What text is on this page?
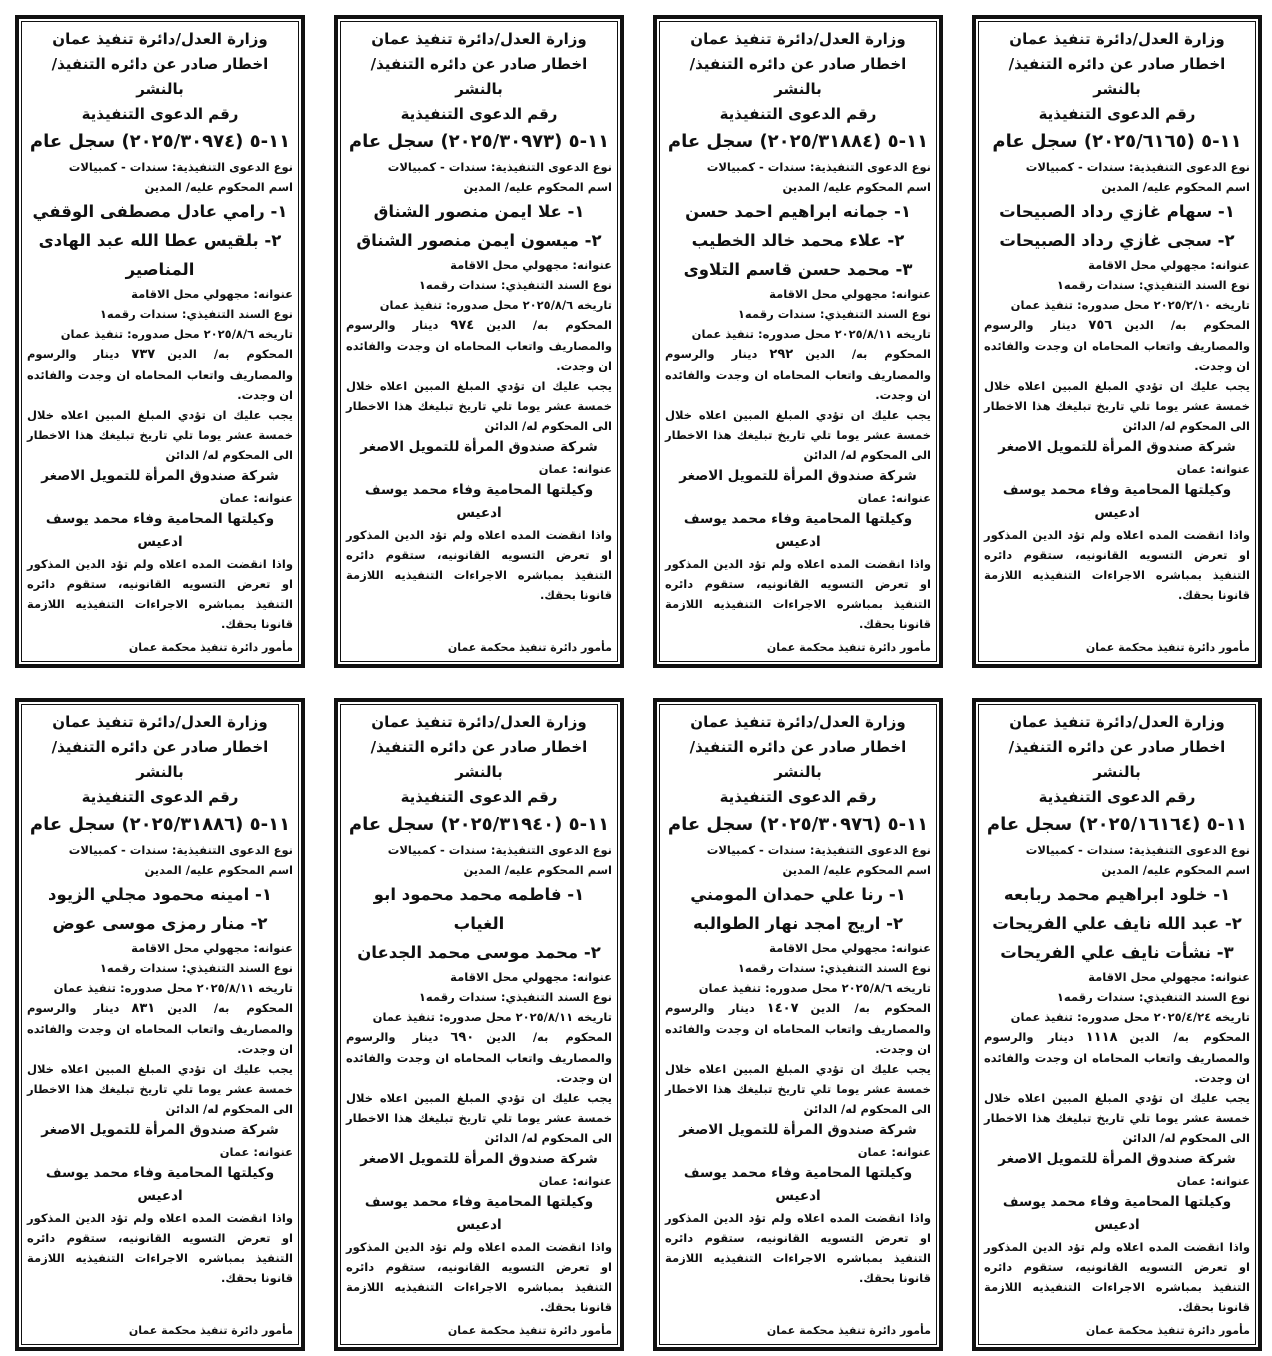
وزارة العدل/دائرة تنفيذ عمان
اخطار صادر عن دائره التنفيذ/ بالنشر
رقم الدعوى التنفيذية
١١-٥ (٢٠٢٥/٦١٦٥) سجل عام
نوع الدعوى التنفيذية: سندات - كمبيالات
اسم المحكوم عليه/ المدين
١- سهام غازي رداد الصبيحات
٢- سجى غازي رداد الصبيحات
عنوانه: مجهولي محل الاقامة
نوع السند التنفيذي: سندات رقمه١
تاريخه ٢٠٢٥/٢/١٠ محل صدوره: تنفيذ عمان
المحكوم به/ الدين٧٥٦دينار والرسوم والمصاريف واتعاب المحاماه ان وجدت والفائده ان وجدت.
يجب عليك ان تؤدي المبلغ المبين اعلاه خلال خمسة عشر يوما تلي تاريخ تبليغك هذا الاخطار الى المحكوم له/ الدائن
شركة صندوق المرأة للتمويل الاصغر
عنوانه: عمان
وكيلتها المحامية وفاء محمد يوسف ادعيس
واذا انقضت المده اعلاه ولم تؤد الدين المذكور او تعرض التسويه القانونيه، ستقوم دائره التنفيذ بمباشره الاجراءات التنفيذيه اللازمة قانونا بحقك.
مأمور دائرة تنفيذ محكمة عمان
وزارة العدل/دائرة تنفيذ عمان
اخطار صادر عن دائره التنفيذ/ بالنشر
رقم الدعوى التنفيذية
١١-٥ (٢٠٢٥/٣١٨٨٤) سجل عام
نوع الدعوى التنفيذية: سندات - كمبيالات
اسم المحكوم عليه/ المدين
١- جمانه ابراهيم احمد حسن
٢- علاء محمد خالد الخطيب
٣- محمد حسن قاسم التلاوى
عنوانه: مجهولي محل الاقامة
نوع السند التنفيذي: سندات رقمه١
تاريخه ٢٠٢٥/٨/١١ محل صدوره: تنفيذ عمان
المحكوم به/ الدين٢٩٢دينار والرسوم والمصاريف واتعاب المحاماه ان وجدت والفائده ان وجدت.
يجب عليك ان تؤدي المبلغ المبين اعلاه خلال خمسة عشر يوما تلي تاريخ تبليغك هذا الاخطار الى المحكوم له/ الدائن
شركة صندوق المرأة للتمويل الاصغر
عنوانه: عمان
وكيلتها المحامية وفاء محمد يوسف ادعيس
واذا انقضت المده اعلاه ولم تؤد الدين المذكور او تعرض التسويه القانونيه، ستقوم دائره التنفيذ بمباشره الاجراءات التنفيذيه اللازمة قانونا بحقك.
مأمور دائرة تنفيذ محكمة عمان
وزارة العدل/دائرة تنفيذ عمان
اخطار صادر عن دائره التنفيذ/ بالنشر
رقم الدعوى التنفيذية
١١-٥ (٢٠٢٥/٣٠٩٧٣) سجل عام
نوع الدعوى التنفيذية: سندات - كمبيالات
اسم المحكوم عليه/ المدين
١- علا ايمن منصور الشناق
٢- ميسون ايمن منصور الشناق
عنوانه: مجهولي محل الاقامة
نوع السند التنفيذي: سندات رقمه١
تاريخه ٢٠٢٥/٨/٦ محل صدوره: تنفيذ عمان
المحكوم به/ الدين٩٧٤دينار والرسوم والمصاريف واتعاب المحاماه ان وجدت والفائده ان وجدت.
يجب عليك ان تؤدي المبلغ المبين اعلاه خلال خمسة عشر يوما تلي تاريخ تبليغك هذا الاخطار الى المحكوم له/ الدائن
شركة صندوق المرأة للتمويل الاصغر
عنوانه: عمان
وكيلتها المحامية وفاء محمد يوسف ادعيس
واذا انقضت المده اعلاه ولم تؤد الدين المذكور او تعرض التسويه القانونيه، ستقوم دائره التنفيذ بمباشره الاجراءات التنفيذيه اللازمة قانونا بحقك.
مأمور دائرة تنفيذ محكمة عمان
وزارة العدل/دائرة تنفيذ عمان
اخطار صادر عن دائره التنفيذ/ بالنشر
رقم الدعوى التنفيذية
١١-٥ (٢٠٢٥/٣٠٩٧٤) سجل عام
نوع الدعوى التنفيذية: سندات - كمبيالات
اسم المحكوم عليه/ المدين
١- رامي عادل مصطفى الوقفي
٢- بلقيس عطا الله عبد الهادى المناصير
عنوانه: مجهولي محل الاقامة
نوع السند التنفيذي: سندات رقمه١
تاريخه ٢٠٢٥/٨/٦ محل صدوره: تنفيذ عمان
المحكوم به/ الدين٧٣٧دينار والرسوم والمصاريف واتعاب المحاماه ان وجدت والفائده ان وجدت.
يجب عليك ان تؤدي المبلغ المبين اعلاه خلال خمسة عشر يوما تلي تاريخ تبليغك هذا الاخطار الى المحكوم له/ الدائن
شركة صندوق المرأة للتمويل الاصغر
عنوانه: عمان
وكيلتها المحامية وفاء محمد يوسف ادعيس
واذا انقضت المده اعلاه ولم تؤد الدين المذكور او تعرض التسويه القانونيه، ستقوم دائره التنفيذ بمباشره الاجراءات التنفيذيه اللازمة قانونا بحقك.
مأمور دائرة تنفيذ محكمة عمان
وزارة العدل/دائرة تنفيذ عمان
اخطار صادر عن دائره التنفيذ/ بالنشر
رقم الدعوى التنفيذية
١١-٥ (٢٠٢٥/١٦١٦٤) سجل عام
نوع الدعوى التنفيذية: سندات - كمبيالات
اسم المحكوم عليه/ المدين
١- خلود ابراهيم محمد ربابعه
٢- عبد الله نايف علي الفريحات
٣- نشأت نايف علي الفريحات
عنوانه: مجهولي محل الاقامة
نوع السند التنفيذي: سندات رقمه١
تاريخه ٢٠٢٥/٤/٢٤ محل صدوره: تنفيذ عمان
المحكوم به/ الدين١١١٨دينار والرسوم والمصاريف واتعاب المحاماه ان وجدت والفائده ان وجدت.
يجب عليك ان تؤدي المبلغ المبين اعلاه خلال خمسة عشر يوما تلي تاريخ تبليغك هذا الاخطار الى المحكوم له/ الدائن
شركة صندوق المرأة للتمويل الاصغر
عنوانه: عمان
وكيلتها المحامية وفاء محمد يوسف ادعيس
واذا انقضت المده اعلاه ولم تؤد الدين المذكور او تعرض التسويه القانونيه، ستقوم دائره التنفيذ بمباشره الاجراءات التنفيذيه اللازمة قانونا بحقك.
مأمور دائرة تنفيذ محكمة عمان
وزارة العدل/دائرة تنفيذ عمان
اخطار صادر عن دائره التنفيذ/ بالنشر
رقم الدعوى التنفيذية
١١-٥ (٢٠٢٥/٣٠٩٧٦) سجل عام
نوع الدعوى التنفيذية: سندات - كمبيالات
اسم المحكوم عليه/ المدين
١- رنا علي حمدان المومني
٢- اريج امجد نهار الطوالبه
عنوانه: مجهولي محل الاقامة
نوع السند التنفيذي: سندات رقمه١
تاريخه ٢٠٢٥/٨/٦ محل صدوره: تنفيذ عمان
المحكوم به/ الدين١٤٠٧دينار والرسوم والمصاريف واتعاب المحاماه ان وجدت والفائده ان وجدت.
يجب عليك ان تؤدي المبلغ المبين اعلاه خلال خمسة عشر يوما تلي تاريخ تبليغك هذا الاخطار الى المحكوم له/ الدائن
شركة صندوق المرأة للتمويل الاصغر
عنوانه: عمان
وكيلتها المحامية وفاء محمد يوسف ادعيس
واذا انقضت المده اعلاه ولم تؤد الدين المذكور او تعرض التسويه القانونيه، ستقوم دائره التنفيذ بمباشره الاجراءات التنفيذيه اللازمة قانونا بحقك.
مأمور دائرة تنفيذ محكمة عمان
وزارة العدل/دائرة تنفيذ عمان
اخطار صادر عن دائره التنفيذ/ بالنشر
رقم الدعوى التنفيذية
١١-٥ (٢٠٢٥/٣١٩٤٠) سجل عام
نوع الدعوى التنفيذية: سندات - كمبيالات
اسم المحكوم عليه/ المدين
١- فاطمه محمد محمود ابو الغياب
٢- محمد موسى محمد الجدعان
عنوانه: مجهولي محل الاقامة
نوع السند التنفيذي: سندات رقمه١
تاريخه ٢٠٢٥/٨/١١ محل صدوره: تنفيذ عمان
المحكوم به/ الدين٦٩٠دينار والرسوم والمصاريف واتعاب المحاماه ان وجدت والفائده ان وجدت.
يجب عليك ان تؤدي المبلغ المبين اعلاه خلال خمسة عشر يوما تلي تاريخ تبليغك هذا الاخطار الى المحكوم له/ الدائن
شركة صندوق المرأة للتمويل الاصغر
عنوانه: عمان
وكيلتها المحامية وفاء محمد يوسف ادعيس
واذا انقضت المده اعلاه ولم تؤد الدين المذكور او تعرض التسويه القانونيه، ستقوم دائره التنفيذ بمباشره الاجراءات التنفيذيه اللازمة قانونا بحقك.
مأمور دائرة تنفيذ محكمة عمان
وزارة العدل/دائرة تنفيذ عمان
اخطار صادر عن دائره التنفيذ/ بالنشر
رقم الدعوى التنفيذية
١١-٥ (٢٠٢٥/٣١٨٨٦) سجل عام
نوع الدعوى التنفيذية: سندات - كمبيالات
اسم المحكوم عليه/ المدين
١- امينه محمود مجلي الزيود
٢- منار رمزى موسى عوض
عنوانه: مجهولي محل الاقامة
نوع السند التنفيذي: سندات رقمه١
تاريخه ٢٠٢٥/٨/١١ محل صدوره: تنفيذ عمان
المحكوم به/ الدين٨٣١دينار والرسوم والمصاريف واتعاب المحاماه ان وجدت والفائده ان وجدت.
يجب عليك ان تؤدي المبلغ المبين اعلاه خلال خمسة عشر يوما تلي تاريخ تبليغك هذا الاخطار الى المحكوم له/ الدائن
شركة صندوق المرأة للتمويل الاصغر
عنوانه: عمان
وكيلتها المحامية وفاء محمد يوسف ادعيس
واذا انقضت المده اعلاه ولم تؤد الدين المذكور او تعرض التسويه القانونيه، ستقوم دائره التنفيذ بمباشره الاجراءات التنفيذيه اللازمة قانونا بحقك.
مأمور دائرة تنفيذ محكمة عمان
